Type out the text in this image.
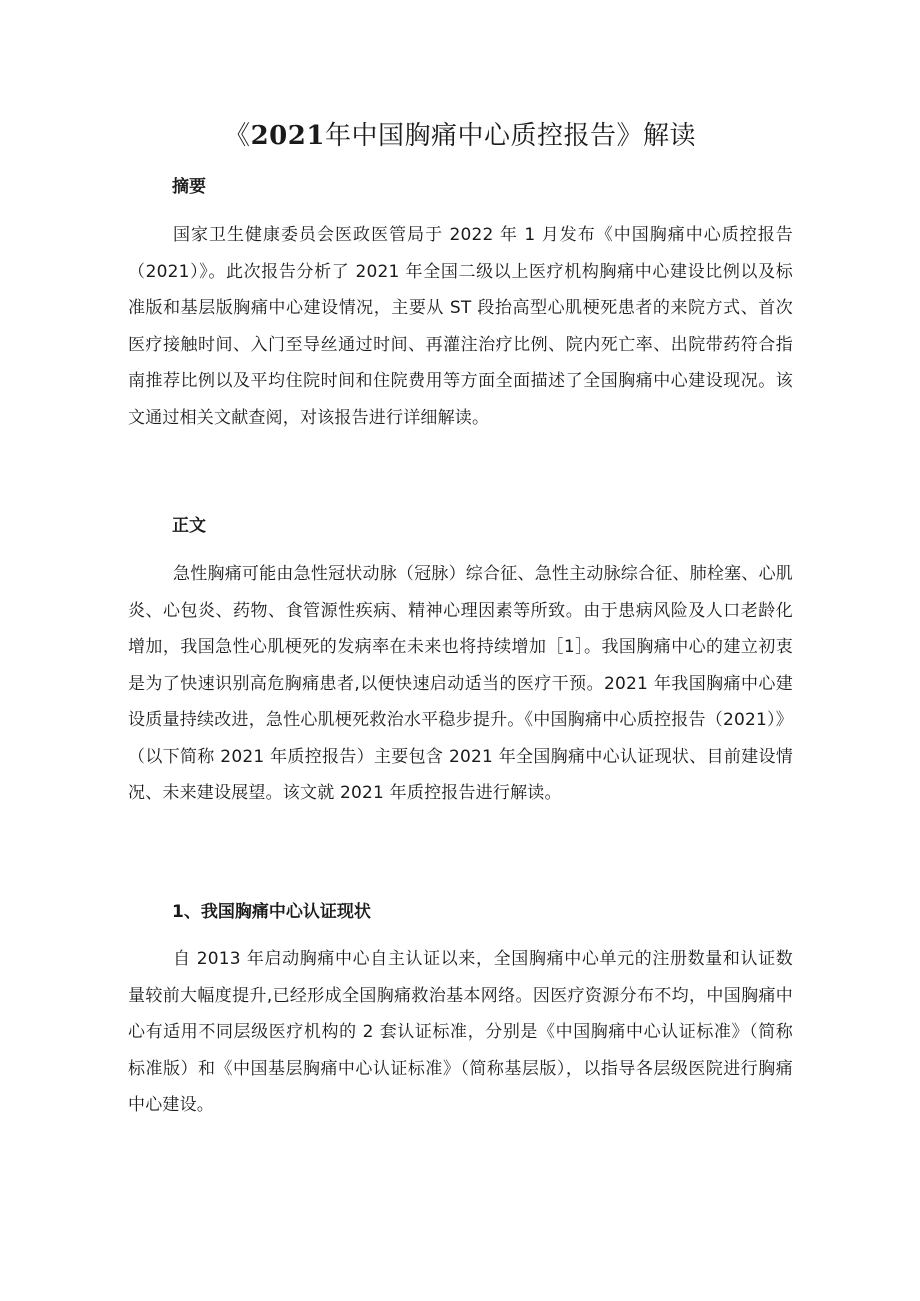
《2021年中国胸痛中心质控报告》解读
摘要

国家卫生健康委员会医政医管局于 2022 年 1 月发布《中国胸痛中心质控报告（2021）》。此次报告分析了 2021 年全国二级以上医疗机构胸痛中心建设比例以及标准版和基层版胸痛中心建设情况，主要从 ST 段抬高型心肌梗死患者的来院方式、首次医疗接触时间、入门至导丝通过时间、再灌注治疗比例、院内死亡率、出院带药符合指南推荐比例以及平均住院时间和住院费用等方面全面描述了全国胸痛中心建设现况。该文通过相关文献查阅，对该报告进行详细解读。

正文

急性胸痛可能由急性冠状动脉（冠脉）综合征、急性主动脉综合征、肺栓塞、心肌炎、心包炎、药物、食管源性疾病、精神心理因素等所致。由于患病风险及人口老龄化增加，我国急性心肌梗死的发病率在未来也将持续增加［1］。我国胸痛中心的建立初衷是为了快速识别高危胸痛患者,以便快速启动适当的医疗干预。2021 年我国胸痛中心建设质量持续改进，急性心肌梗死救治水平稳步提升。《中国胸痛中心质控报告（2021）》（以下简称 2021 年质控报告）主要包含 2021 年全国胸痛中心认证现状、目前建设情况、未来建设展望。该文就 2021 年质控报告进行解读。

1、我国胸痛中心认证现状

自 2013 年启动胸痛中心自主认证以来，全国胸痛中心单元的注册数量和认证数量较前大幅度提升,已经形成全国胸痛救治基本网络。因医疗资源分布不均，中国胸痛中心有适用不同层级医疗机构的 2 套认证标准，分别是《中国胸痛中心认证标准》（简称标准版）和《中国基层胸痛中心认证标准》（简称基层版），以指导各层级医院进行胸痛中心建设。
